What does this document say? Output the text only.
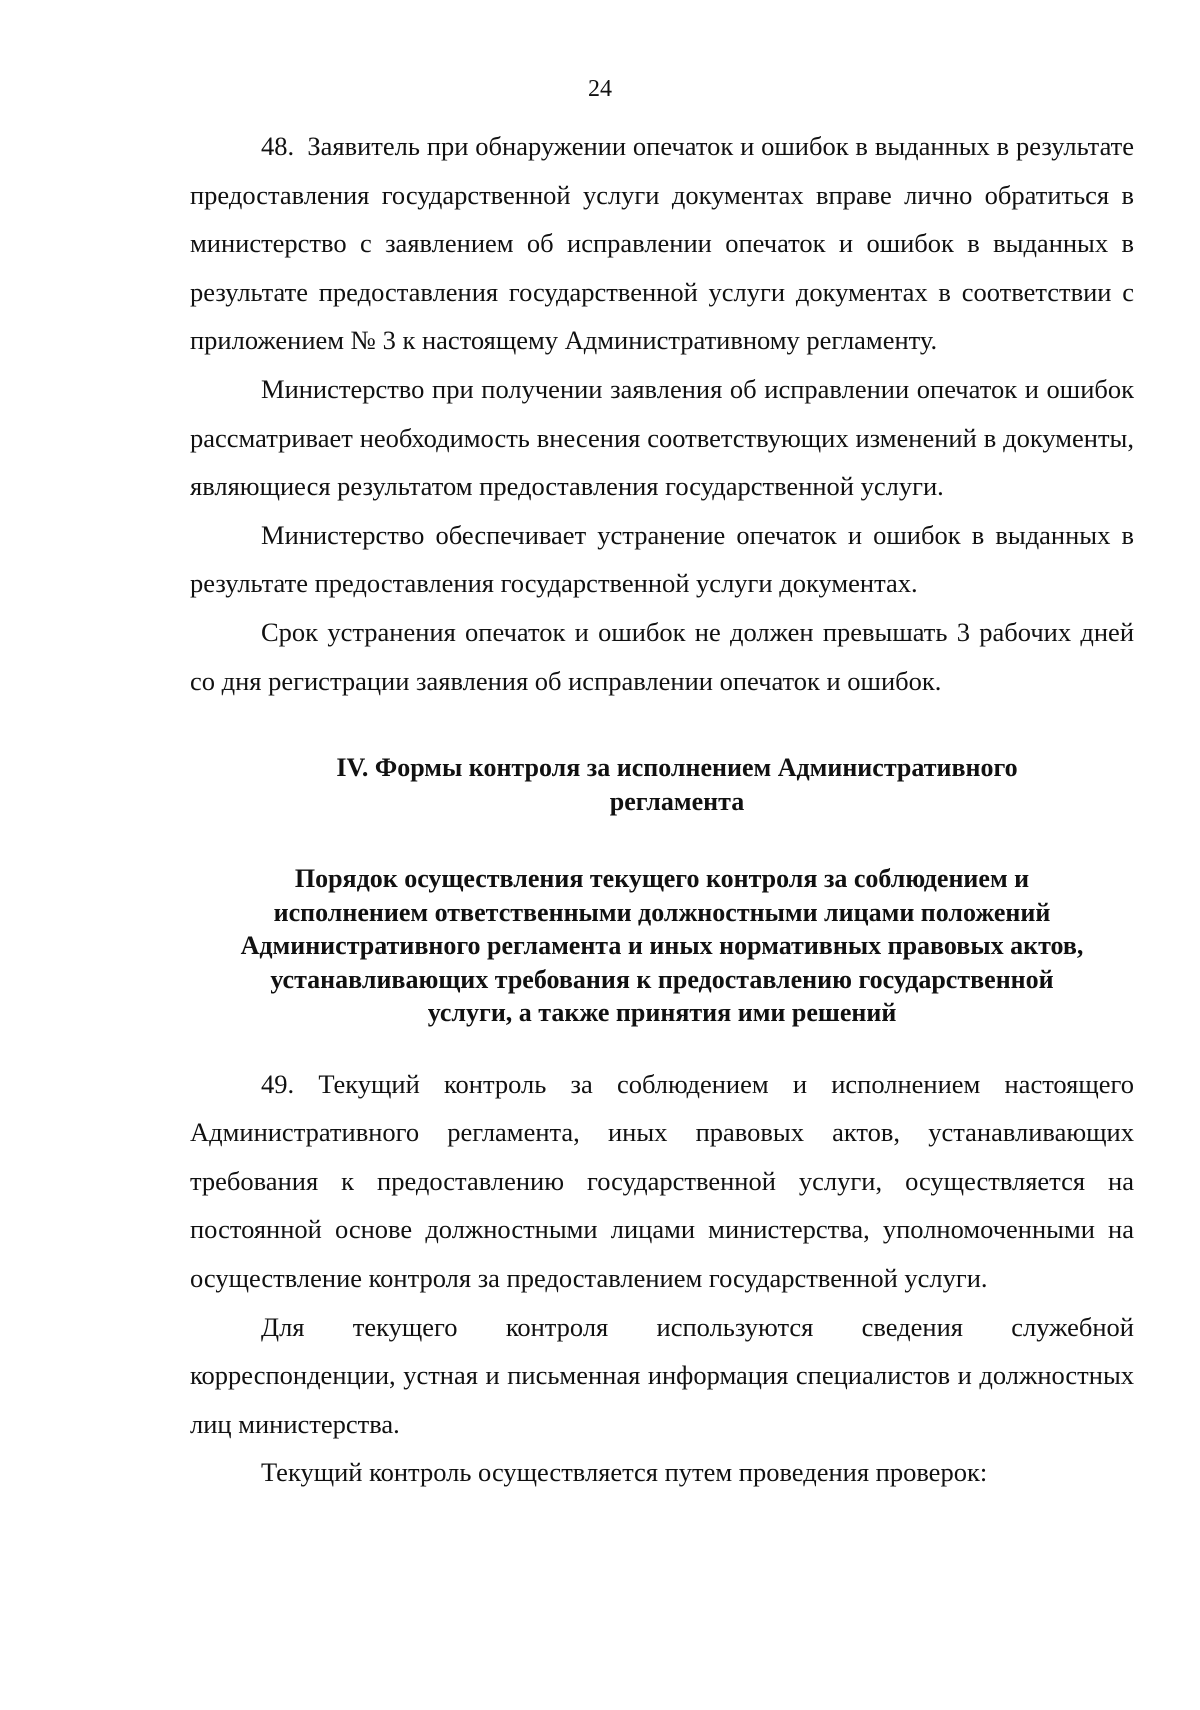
24

48. Заявитель при обнаружении опечаток и ошибок в выданных в результате предоставления государственной услуги документах вправе лично обратиться в министерство с заявлением об исправлении опечаток и ошибок в выданных в результате предоставления государственной услуги документах в соответствии с приложением № 3 к настоящему Административному регламенту.

Министерство при получении заявления об исправлении опечаток и ошибок рассматривает необходимость внесения соответствующих изменений в документы, являющиеся результатом предоставления государственной услуги.

Министерство обеспечивает устранение опечаток и ошибок в выданных в результате предоставления государственной услуги документах.

Срок устранения опечаток и ошибок не должен превышать 3 рабочих дней со дня регистрации заявления об исправлении опечаток и ошибок.

IV. Формы контроля за исполнением Административного
регламента
Порядок осуществления текущего контроля за соблюдением и
исполнением ответственными должностными лицами положений
Административного регламента и иных нормативных правовых актов,
устанавливающих требования к предоставлению государственной
услуги, а также принятия ими решений

49. Текущий контроль за соблюдением и исполнением настоящего Административного регламента, иных правовых актов, устанавливающих требования к предоставлению государственной услуги, осуществляется на постоянной основе должностными лицами министерства, уполномоченными на осуществление контроля за предоставлением государственной услуги.

Для текущего контроля используются сведения служебной корреспонденции, устная и письменная информация специалистов и должностных лиц министерства.

Текущий контроль осуществляется путем проведения проверок:
